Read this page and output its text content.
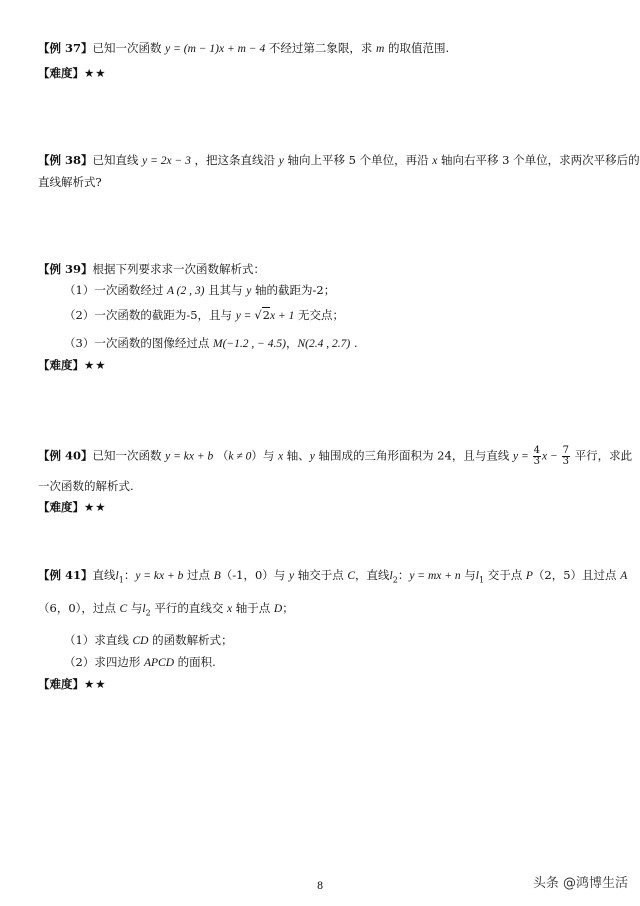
【例 37】已知一次函数 y = (m − 1)x + m − 4 不经过第二象限，求 m 的取值范围.
【难度】★★
【例 38】已知直线 y = 2x − 3 ，把这条直线沿 y 轴向上平移 5 个单位，再沿 x 轴向右平移 3 个单位，求两次平移后的
直线解析式?
【例 39】根据下列要求求一次函数解析式：
（1）一次函数经过 A (2 , 3) 且其与 y 轴的截距为-2；
（2）一次函数的截距为-5，且与 y = √2x + 1 无交点；
（3）一次函数的图像经过点 M(−1.2 , − 4.5)，N(2.4 , 2.7) .
【难度】★★
【例 40】已知一次函数 y = kx + b （k ≠ 0）与 x 轴、y 轴围成的三角形面积为 24，且与直线 $y = \frac{4}{3}$ $x - \frac{7}{3}$ 平行，求此
一次函数的解析式.
【难度】★★
【例 41】直线$l_1$：y = kx + b 过点 B（-1，0）与 y 轴交于点 C，直线$l_2$：y = mx + n 与$l_1$ 交于点 P（2，5）且过点 A
（6，0），过点 C 与$l_2$ 平行的直线交 x 轴于点 D；
（1）求直线 CD 的函数解析式；
（2）求四边形 APCD 的面积.
【难度】★★
8	头条 @鸿博生活
